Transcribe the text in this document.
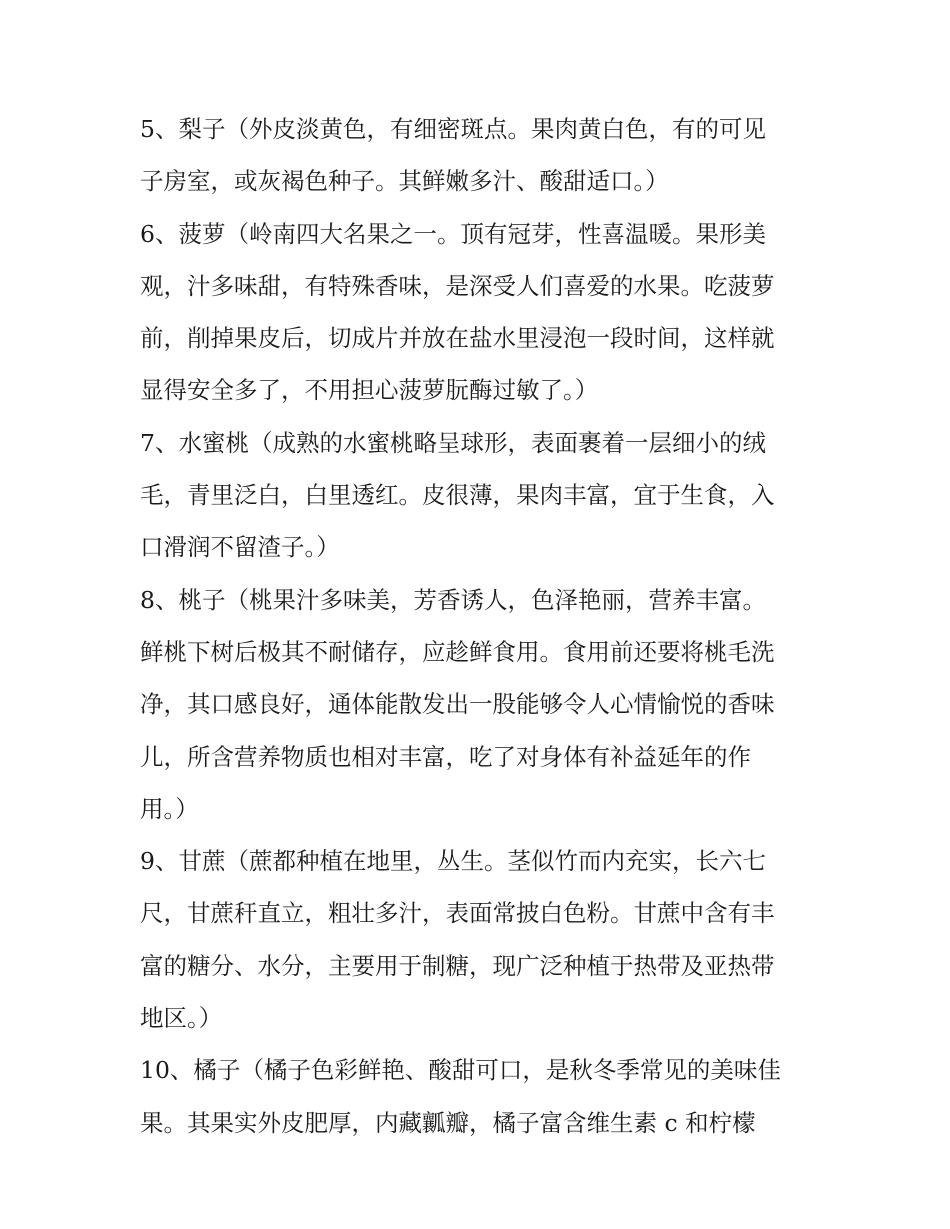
5、梨子（外皮淡黄色，有细密斑点。果肉黄白色，有的可见
子房室，或灰褐色种子。其鲜嫩多汁、酸甜适口。）

6、菠萝（岭南四大名果之一。顶有冠芽，性喜温暖。果形美
观，汁多味甜，有特殊香味，是深受人们喜爱的水果。吃菠萝
前，削掉果皮后，切成片并放在盐水里浸泡一段时间，这样就
显得安全多了，不用担心菠萝朊酶过敏了。）

7、水蜜桃（成熟的水蜜桃略呈球形，表面裹着一层细小的绒
毛，青里泛白，白里透红。皮很薄，果肉丰富，宜于生食，入
口滑润不留渣子。）

8、桃子（桃果汁多味美，芳香诱人，色泽艳丽，营养丰富。
鲜桃下树后极其不耐储存，应趁鲜食用。食用前还要将桃毛洗
净，其口感良好，通体能散发出一股能够令人心情愉悦的香味
儿，所含营养物质也相对丰富，吃了对身体有补益延年的作
用。）

9、甘蔗（蔗都种植在地里，丛生。茎似竹而内充实，长六七
尺，甘蔗秆直立，粗壮多汁，表面常披白色粉。甘蔗中含有丰
富的糖分、水分，主要用于制糖，现广泛种植于热带及亚热带
地区。）

10、橘子（橘子色彩鲜艳、酸甜可口，是秋冬季常见的美味佳
果。其果实外皮肥厚，内藏瓤瓣，橘子富含维生素 c 和柠檬
